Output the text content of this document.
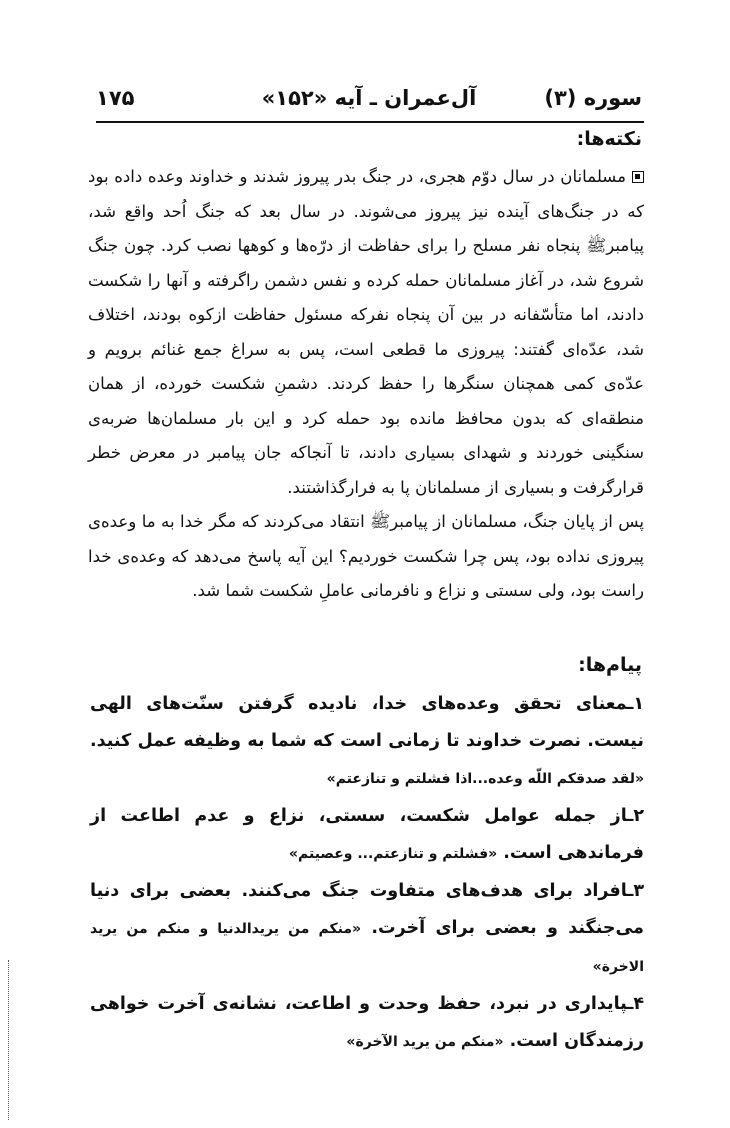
سوره (۳)
آل‌عمران ـ آیه «۱۵۲»
۱۷۵
نکته‌ها:

مسلمانان در سال دوّم هجری، در جنگ بدر پیروز شدند و خداوند وعده داده بود که در جنگ‌های آینده نیز پیروز می‌شوند. در سال بعد که جنگ اُحد واقع شد، پیامبرﷺ پنجاه نفر مسلح را برای حفاظت از درّه‌ها و کوهها نصب کرد. چون جنگ شروع شد، در آغاز مسلمانان حمله کرده و نفس دشمن راگرفته و آنها را شکست دادند، اما متأسّفانه در بین آن پنجاه نفرکه مسئول حفاظت ازکوه بودند، اختلاف شد، عدّه‌ای گفتند: پیروزی ما قطعی است، پس به سراغ جمع غنائم برویم و عدّه‌ی کمی همچنان سنگرها را حفظ کردند. دشمنِ شکست خورده، از همان منطقه‌ای که بدون محافظ مانده بود حمله کرد و این بار مسلمان‌ها ضربه‌ی سنگینی خوردند و شهدای بسیاری دادند، تا آنجاکه جان پیامبر در معرض خطر قرارگرفت و بسیاری از مسلمانان پا به فرارگذاشتند.

پس از پایان جنگ، مسلمانان از پیامبرﷺ انتقاد می‌کردند که مگر خدا به ما وعده‌ی پیروزی نداده بود، پس چرا شکست خوردیم؟ این آیه پاسخ می‌دهد که وعده‌ی خدا راست بود، ولی سستی و نزاع و نافرمانی عاملِ شکست شما شد.

پیام‌ها:
۱ـمعنای تحقق وعده‌های خدا، نادیده گرفتن سنّت‌های الهی نیست. نصرت خداوند تا زمانی است که شما به وظیفه عمل کنید. «لقد صدقکم اللّه وعده...اذا فشلتم و تنازعتم»
۲ـاز جمله عوامل شکست، سستی، نزاع و عدم اطاعت از فرماندهی است. «فشلتم و تنازعتم... وعصیتم»
۳ـافراد برای هدف‌های متفاوت جنگ می‌کنند. بعضی برای دنیا می‌جنگند و بعضی برای آخرت. «منکم من یریدالدنیا و منکم من یرید الاخرة»
۴ـپایداری در نبرد، حفظ وحدت و اطاعت، نشانه‌ی آخرت خواهی رزمندگان است. «منکم من یرید الآخرة»
